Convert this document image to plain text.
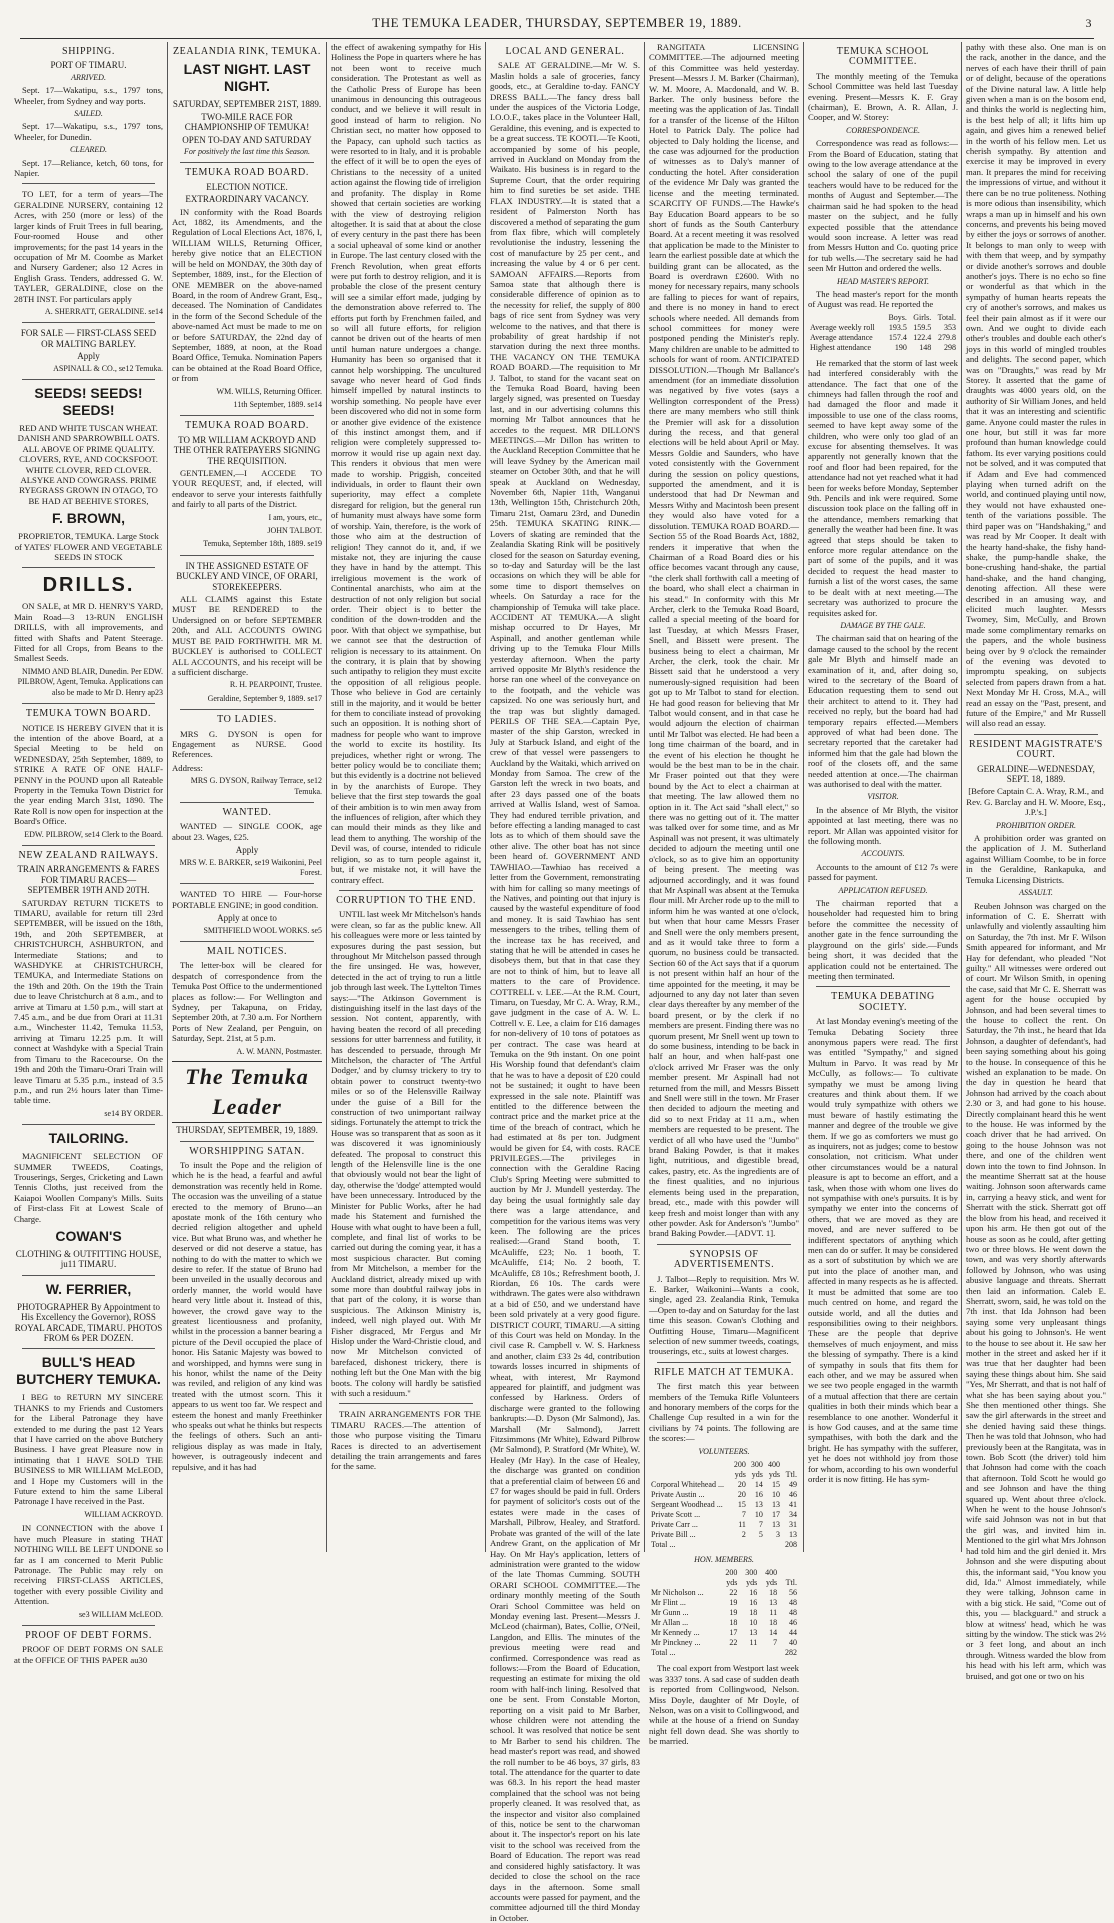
THE TEMUKA LEADER, THURSDAY, SEPTEMBER 19, 1889.	3
SHIPPING.
PORT OF TIMARU.
ARRIVED.

Sept. 17—Wakatipu, s.s., 1797 tons, Wheeler, from Sydney and way ports.

SAILED.

Sept. 17—Wakatipu, s.s., 1797 tons, Wheeler, for Dunedin.

CLEARED.

Sept. 17—Reliance, ketch, 60 tons, for Napier.

TO LET, for a term of years—The GERALDINE NURSERY, containing 12 Acres, with 250 (more or less) of the larger kinds of Fruit Trees in full bearing, Four-roomed House and other improvements; for the past 14 years in the occupation of Mr M. Coombe as Market and Nursery Gardener; also 12 Acres in English Grass. Tenders, addressed G. W. TAYLER, GERALDINE, close on the 28TH INST. For particulars apply

A. SHERRATT, GERALDINE. se14
FOR SALE — FIRST-CLASS SEED OR MALTING BARLEY.
Apply
ASPINALL & CO., se12 Temuka.
SEEDS! SEEDS! SEEDS!

RED AND WHITE TUSCAN WHEAT. DANISH AND SPARROWBILL OATS. ALL ABOVE OF PRIME QUALITY. CLOVERS, RYE, AND COCKSFOOT. WHITE CLOVER, RED CLOVER. ALSYKE AND COWGRASS. PRIME RYEGRASS GROWN IN OTAGO, TO BE HAD AT BEEHIVE STORES,

F. BROWN,

PROPRIETOR, TEMUKA. Large Stock of YATES' FLOWER AND VEGETABLE SEEDS IN STOCK

DRILLS.

ON SALE, at MR D. HENRY'S YARD, Main Road—3 13-RUN ENGLISH DRILLS, with all improvements, and fitted with Shafts and Patent Steerage. Fitted for all Crops, from Beans to the Smallest Seeds.

NIMMO AND BLAIR, Dunedin. Per EDW. PILBROW, Agent, Temuka. Applications can also be made to Mr D. Henry ap23
TEMUKA TOWN BOARD.

NOTICE IS HEREBY GIVEN that it is the intention of the above Board, at a Special Meeting to be held on WEDNESDAY, 25th September, 1889, to STRIKE A RATE OF ONE HALF-PENNY in the POUND upon all Rateable Property in the Temuka Town District for the year ending March 31st, 1890. The Rate Roll is now open for inspection at the Board's Office.

EDW. PILBROW, se14 Clerk to the Board.
NEW ZEALAND RAILWAYS.
TRAIN ARRANGEMENTS & FARES FOR TIMARU RACES— SEPTEMBER 19TH AND 20TH.

SATURDAY RETURN TICKETS to TIMARU, available for return till 23rd SEPTEMBER, will be issued on the 18th, 19th, and 20th SEPTEMBER, at CHRISTCHURCH, ASHBURTON, and Intermediate Stations; and to WASHDYKE at CHRISTCHURCH, TEMUKA, and Intermediate Stations on the 19th and 20th. On the 19th the Train due to leave Christchurch at 8 a.m., and to arrive at Timaru at 1.50 p.m., will start at 7.45 a.m., and be due from Orari at 11.31 a.m., Winchester 11.42, Temuka 11.53, arriving at Timaru 12.25 p.m. It will connect at Washdyke with a Special Train from Timaru to the Racecourse. On the 19th and 20th the Timaru-Orari Train will leave Timaru at 5.35 p.m., instead of 3.5 p.m., and run 2½ hours later than Time-table time.

se14 BY ORDER.
TAILORING.

MAGNIFICENT SELECTION OF SUMMER TWEEDS, Coatings, Trouserings, Serges, Cricketing and Lawn Tennis Cloths, just received from the Kaiapoi Woollen Company's Mills. Suits of First-class Fit at Lowest Scale of Charge.

COWAN'S
CLOTHING & OUTFITTING HOUSE, ju11 TIMARU.
W. FERRIER,
PHOTOGRAPHER By Appointment to His Excellency the Governor), ROSS ROYAL ARCADE, TIMARU. PHOTOS FROM 6s PER DOZEN.
BULL'S HEAD BUTCHERY TEMUKA.

I BEG to RETURN MY SINCERE THANKS to my Friends and Customers for the Liberal Patronage they have extended to me during the past 12 Years that I have carried on the above Butchery Business. I have great Pleasure now in intimating that I HAVE SOLD THE BUSINESS to MR WILLIAM McLEOD, and I Hope my Customers will in the Future extend to him the same Liberal Patronage I have received in the Past.

WILLIAM ACKROYD.

IN CONNECTION with the above I have much Pleasure in stating THAT NOTHING WILL BE LEFT UNDONE so far as I am concerned to Merit Public Patronage. The Public may rely on receiving FIRST-CLASS ARTICLES, together with every possible Civility and Attention.

se3 WILLIAM McLEOD.
PROOF OF DEBT FORMS.

PROOF OF DEBT FORMS ON SALE at the OFFICE OF THIS PAPER au30

ZEALANDIA RINK, TEMUKA.
LAST NIGHT. LAST NIGHT.
SATURDAY, SEPTEMBER 21ST, 1889.
TWO-MILE RACE FOR CHAMPIONSHIP OF TEMUKA!
OPEN TO-DAY AND SATURDAY
For positively the last time this Season.
TEMUKA ROAD BOARD.
ELECTION NOTICE.
EXTRAORDINARY VACANCY.

IN conformity with the Road Boards Act, 1882, its Amendments, and the Regulation of Local Elections Act, 1876, I, WILLIAM WILLS, Returning Officer, hereby give notice that an ELECTION will be held on MONDAY, the 30th day of September, 1889, inst., for the Election of ONE MEMBER on the above-named Board, in the room of Andrew Grant, Esq., deceased. The Nomination of Candidates in the form of the Second Schedule of the above-named Act must be made to me on or before SATURDAY, the 22nd day of September, 1889, at noon, at the Road Board Office, Temuka. Nomination Papers can be obtained at the Road Board Office, or from

WM. WILLS, Returning Officer.
11th September, 1889. se14
TEMUKA ROAD BOARD.
TO MR WILLIAM ACKROYD AND THE OTHER RATEPAYERS SIGNING THE REQUISITION.

GENTLEMEN,—I ACCEDE TO YOUR REQUEST, and, if elected, will endeavor to serve your interests faithfully and fairly to all parts of the District.

I am, yours, etc.,
JOHN TALBOT.
Temuka, September 18th, 1889. se19
IN THE ASSIGNED ESTATE OF BUCKLEY AND VINCE, OF ORARI, STOREKEEPERS.

ALL CLAIMS against this Estate MUST BE RENDERED to the Undersigned on or before SEPTEMBER 20th, and ALL ACCOUNTS OWING MUST BE PAID FORTHWITH. MR M. BUCKLEY is authorised to COLLECT ALL ACCOUNTS, and his receipt will be a sufficient discharge.

R. H. PEARPOINT, Trustee.
Geraldine, September 9, 1889. se17
TO LADIES.

MRS G. DYSON is open for Engagement as NURSE. Good References.

Address:

MRS G. DYSON, Railway Terrace, se12 Temuka.
WANTED.

WANTED — SINGLE COOK, age about 23. Wages, £25.

Apply
MRS W. E. BARKER, se19 Waikonini, Peel Forest.

WANTED TO HIRE — Four-horse PORTABLE ENGINE; in good condition.

Apply at once to
SMITHFIELD WOOL WORKS. se5
MAIL NOTICES.

The letter-box will be cleared for despatch of correspondence from the Temuka Post Office to the undermentioned places as follow:— For Wellington and Sydney, per Takapuna, on Friday, September 20th, at 7.30 a.m. For Northern Ports of New Zealand, per Penguin, on Saturday, Sept. 21st, at 5 p.m.

A. W. MANN, Postmaster.
The Temuka Leader
THURSDAY, SEPTEMBER, 19, 1889.
WORSHIPPING SATAN.

To insult the Pope and the religion of which he is the head, a fearful and awful demonstration was recently held in Rome. The occasion was the unveiling of a statue erected to the memory of Bruno—an apostate monk of the 16th century who decried religion altogether and upheld vice. But what Bruno was, and whether he deserved or did not deserve a statue, has nothing to do with the matter to which we desire to refer. If the statue of Bruno had been unveiled in the usually decorous and orderly manner, the world would have heard very little about it. Instead of this, however, the crowd gave way to the greatest licentiousness and profanity, whilst in the procession a banner bearing a picture of the Devil occupied the place of honor. His Satanic Majesty was bowed to and worshipped, and hymns were sung in his honor, whilst the name of the Deity was reviled, and religion of any kind was treated with the utmost scorn. This it appears to us went too far. We respect and esteem the honest and manly Freethinker who speaks out what he thinks but respects the feelings of others. Such an anti-religious display as was made in Italy, however, is outrageously indecent and repulsive, and it has had

the effect of awakening sympathy for His Holiness the Pope in quarters where he has not been wont to receive much consideration. The Protestant as well as the Catholic Press of Europe has been unanimous in denouncing this outrageous conduct, and we believe it will result in good instead of harm to religion. No Christian sect, no matter how opposed to the Papacy, can uphold such tactics as were resorted to in Italy, and it is probable the effect of it will be to open the eyes of Christians to the necessity of a united action against the flowing tide of irreligion and profanity. The display in Rome showed that certain societies are working with the view of destroying religion altogether. It is said that at about the close of every century in the past there has been a social upheaval of some kind or another in Europe. The last century closed with the French Revolution, when great efforts were put forth to destroy religion, and it is probable the close of the present century will see a similar effort made, judging by the demonstration above referred to. The efforts put forth by Frenchmen failed, and so will all future efforts, for religion cannot be driven out of the hearts of men until human nature undergoes a change. Humanity has been so organised that it cannot help worshipping. The uncultured savage who never heard of God finds himself impelled by natural instincts to worship something. No people have ever been discovered who did not in some form or another give evidence of the existence of this instinct amongst them, and if religion were completely suppressed to-morrow it would rise up again next day. This renders it obvious that men were made to worship. Priggish, conceited individuals, in order to flaunt their own superiority, may effect a complete disregard for religion, but the general run of humanity must always have some form of worship. Yain, therefore, is the work of those who aim at the destruction of religion! They cannot do it, and, if we mistake not, they are injuring the cause they have in hand by the attempt. This irreligious movement is the work of Continental anarchists, who aim at the destruction of not only religion but social order. Their object is to better the condition of the down-trodden and the poor. With that object we sympathise, but we cannot see that the destruction of religion is necessary to its attainment. On the contrary, it is plain that by showing such antipathy to religion they must excite the opposition of all religious people. Those who believe in God are certainly still in the majority, and it would be better for them to conciliate instead of provoking such an opposition. It is nothing short of madness for people who want to improve the world to excite its hostility. Its prejudices, whether right or wrong. The better policy would be to conciliate them; but this evidently is a doctrine not believed in by the anarchists of Europe. They believe that the first step towards the goal of their ambition is to win men away from the influences of religion, after which they can mould their minds as they like and lead them to anything. The worship of the Devil was, of course, intended to ridicule religion, so as to turn people against it, but, if we mistake not, it will have the contrary effect.

CORRUPTION TO THE END.

UNTIL last week Mr Mitchelson's hands were clean, so far as the public knew. All his colleagues were more or less tainted by exposures during the past session, but throughout Mr Mitchelson passed through the fire unsinged. He was, however, detected in the act of trying to run a little job through last week. The Lyttelton Times says:—"The Atkinson Government is distinguishing itself in the last days of the session. Not content, apparently, with having beaten the record of all preceding sessions for utter barrenness and futility, it has descended to persuade, through Mr Mitchelson, the character of 'The Artful Dodger,' and by clumsy trickery to try to obtain power to construct twenty-two miles or so of the Helensville Railway under the guise of a Bill for the construction of two unimportant railway sidings. Fortunately the attempt to trick the House was so transparent that as soon as it was discovered it was ignominiously defeated. The proposal to construct this length of the Helensville line is the one that obviously would not bear the light of day, otherwise the 'dodge' attempted would have been unnecessary. Introduced by the Minister for Public Works, after he had made his Statement and furnished the House with what ought to have been a full, complete, and final list of works to be carried out during the coming year, it has a most suspicious character. But coming from Mr Mitchelson, a member for the Auckland district, already mixed up with some more than doubtful railway jobs in that part of the colony, it is worse than suspicious. The Atkinson Ministry is, indeed, well nigh played out. With Mr Fisher disgraced, Mr Fergus and Mr Hislop under the Ward-Christie cloud, and now Mr Mitchelson convicted of barefaced, dishonest trickery, there is nothing left but the One Man with the big boots. The colony will hardly be satisfied with such a residuum."

TRAIN ARRANGEMENTS FOR THE TIMARU RACES.—The attention of those who purpose visiting the Timaru Races is directed to an advertisement detailing the train arrangements and fares for the same.

LOCAL AND GENERAL.

SALE AT GERALDINE.—Mr W. S. Maslin holds a sale of groceries, fancy goods, etc., at Geraldine to-day. FANCY DRESS BALL.—The fancy dress ball under the auspices of the Victoria Lodge, I.O.O.F., takes place in the Volunteer Hall, Geraldine, this evening, and is expected to be a great success. TE KOOTI.—Te Kooti, accompanied by some of his people, arrived in Auckland on Monday from the Waikato. His business is in regard to the Supreme Court, that the order requiring him to find sureties be set aside. THE FLAX INDUSTRY.—It is stated that a resident of Palmerston North has discovered a method of separating the gum from flax fibre, which will completely revolutionise the industry, lessening the cost of manufacture by 25 per cent., and increasing the value by 4 or 6 per cent. SAMOAN AFFAIRS.—Reports from Samoa state that although there is considerable difference of opinion as to the necessity for relief, the supply of 800 bags of rice sent from Sydney was very welcome to the natives, and that there is probability of great hardship if not starvation during the next three months. THE VACANCY ON THE TEMUKA ROAD BOARD.—The requisition to Mr J. Talbot, to stand for the vacant seat on the Temuka Road Board, having been largely signed, was presented on Tuesday last, and in our advertising columns this morning Mr Talbot announces that he accedes to the request. MR DILLON'S MEETINGS.—Mr Dillon has written to the Auckland Reception Committee that he will leave Sydney by the American mail steamer on October 30th, and that he will speak at Auckland on Wednesday, November 6th, Napier 11th, Wanganui 13th, Wellington 15th, Christchurch 20th, Timaru 21st, Oamaru 23rd, and Dunedin 25th. TEMUKA SKATING RINK.—Lovers of skating are reminded that the Zealandia Skating Rink will be positively closed for the season on Saturday evening, so to-day and Saturday will be the last occasions on which they will be able for some time to disport themselves on wheels. On Saturday a race for the championship of Temuka will take place. ACCIDENT AT TEMUKA.—A slight mishap occurred to Dr Hayes, Mr Aspinall, and another gentleman while driving up to the Temuka Flour Mills yesterday afternoon. When the party arrived opposite Mr Blyth's residence the horse ran one wheel of the conveyance on to the footpath, and the vehicle was capsized. No one was seriously hurt, and the trap was but slightly damaged. PERILS OF THE SEA.—Captain Pye, master of the ship Garston, wrecked in July at Starbuck Island, and eight of the crew of that vessel were passengers to Auckland by the Waitaki, which arrived on Monday from Samoa. The crew of the Garston left the wreck in two boats, and after 23 days passed one of the boats arrived at Wallis Island, west of Samoa. They had endured terrible privation, and before effecting a landing managed to cast lots as to which of them should save the other alive. The other boat has not since been heard of. GOVERNMENT AND TAWHIAO.—Tawhiao has received a letter from the Government, remonstrating with him for calling so many meetings of the Natives, and pointing out that injury is caused by the wasteful expenditure of food and money. It is said Tawhiao has sent messengers to the tribes, telling them of the increase tax he has received, and stating that he will be attended in cases he disobeys them, but that in that case they are not to think of him, but to leave all matters to the care of Providence. COTTRELL v. LEE.—At the R.M. Court, Timaru, on Tuesday, Mr C. A. Wray, R.M., gave judgment in the case of A. W. L. Cottrell v. E. Lee, a claim for £16 damages for non-delivery of 10 tons of potatoes as per contract. The case was heard at Temuka on the 9th instant. On one point His Worship found that defendant's claim that he was to have a deposit of £20 could not be sustained; it ought to have been expressed in the sale note. Plaintiff was entitled to the difference between the contract price and the market price at the time of the breach of contract, which he had estimated at 8s per ton. Judgment would be given for £4, with costs. RACE PRIVILEGES.—The privileges in connection with the Geraldine Racing Club's Spring Meeting were submitted to auction by Mr J. Mundell yesterday. The day being the usual fortnightly sale day there was a large attendance, and competition for the various items was very keen. The following are the prices realised:—Grand Stand booth, T. McAuliffe, £23; No. 1 booth, T. McAuliffe, £14; No. 2 booth, T. McAuliffe, £8 10s.; Refreshment booth, J. Riordan, £6 10s. The cards were withdrawn. The gates were also withdrawn at a bid of £50, and we understand have been sold privately at a very good figure. DISTRICT COURT, TIMARU.—A sitting of this Court was held on Monday. In the civil case R. Campbell v. W. S. Harkness and another, claim £33 2s 4d, contribution towards losses incurred in shipments of wheat, with interest, Mr Raymond appeared for plaintiff, and judgment was confessed by Harkness. Orders of discharge were granted to the following bankrupts:—D. Dyson (Mr Salmond), Jas. Marshall (Mr Salmond), Jarrett Fitzsimmons (Mr White), Edward Pilbrow (Mr Salmond), P. Stratford (Mr White), W. Healey (Mr Hay). In the case of Healey, the discharge was granted on condition that a preferential claim of between £6 and £7 for wages should be paid in full. Orders for payment of solicitor's costs out of the estates were made in the cases of Marshall, Pilbrow, Healey, and Stratford. Probate was granted of the will of the late Andrew Grant, on the application of Mr Hay. On Mr Hay's application, letters of administration were granted to the widow of the late Thomas Cumming. SOUTH ORARI SCHOOL COMMITTEE.—The ordinary monthly meeting of the South Orari School Committee was held on Monday evening last. Present—Messrs J. McLeod (chairman), Bates, Collie, O'Neil, Langdon, and Ellis. The minutes of the previous meeting were read and confirmed. Correspondence was read as follows:—From the Board of Education, requesting an estimate for mixing the old room with half-inch lining. Resolved that one be sent. From Constable Morton, reporting on a visit paid to Mr Barber, whose children were not attending the school. It was resolved that notice be sent to Mr Barber to send his children. The head master's report was read, and showed the roll number to be 46 boys, 37 girls, 83 total. The attendance for the quarter to date was 68.3. In his report the head master complained that the school was not being properly cleaned. It was resolved that, as the inspector and visitor also complained of this, notice be sent to the charwoman about it. The inspector's report on his late visit to the school was received from the Board of Education. The report was read and considered highly satisfactory. It was decided to close the school on the race days in the afternoon. Some small accounts were passed for payment, and the committee adjourned till the third Monday in October.

RANGITATA LICENSING COMMITTEE.—The adjourned meeting of this Committee was held yesterday. Present—Messrs J. M. Barker (Chairman), W. M. Moore, A. Macdonald, and W. B. Barker. The only business before the meeting was the application of Jas. Tindall for a transfer of the license of the Hilton Hotel to Patrick Daly. The police had objected to Daly holding the license, and the case was adjourned for the production of witnesses as to Daly's manner of conducting the hotel. After consideration of the evidence Mr Daly was granted the license and the meeting terminated. SCARCITY OF FUNDS.—The Hawke's Bay Education Board appears to be so short of funds as the South Canterbury Board. At a recent meeting it was resolved that application be made to the Minister to learn the earliest possible date at which the building grant can be allocated, as the Board is overdrawn £2600. With no money for necessary repairs, many schools are falling to pieces for want of repairs, and there is no money in hand to erect schools where needed. All demands from school committees for money were postponed pending the Minister's reply. Many children are unable to be admitted to schools for want of room. ANTICIPATED DISSOLUTION.—Though Mr Ballance's amendment (for an immediate dissolution was negatived by five votes (says a Wellington correspondent of the Press) there are many members who still think the Premier will ask for a dissolution during the recess, and that general elections will be held about April or May. Messrs Goldie and Saunders, who have voted consistently with the Government during the session on policy questions, supported the amendment, and it is understood that had Dr Newman and Messrs Withy and Macintosh been present they would also have voted for a dissolution. TEMUKA ROAD BOARD.—Section 55 of the Road Boards Act, 1882, renders it imperative that when the Chairman of a Road Board dies or his office becomes vacant through any cause, "the clerk shall forthwith call a meeting of the board, who shall elect a chairman in his stead." In conformity with this Mr Archer, clerk to the Temuka Road Board, called a special meeting of the board for last Tuesday, at which Messrs Fraser, Snell, and Bissett were present. The business being to elect a chairman, Mr Archer, the clerk, took the chair. Mr Bissett said that he understood a very numerously-signed requisition had been got up to Mr Talbot to stand for election. He had good reason for believing that Mr Talbot would consent, and in that case he would adjourn the election of chairman until Mr Talbot was elected. He had been a long time chairman of the board, and in the event of his election he thought he would be the best man to be in the chair. Mr Fraser pointed out that they were bound by the Act to elect a chairman at that meeting. The law allowed them no option in it. The Act said "shall elect," so there was no getting out of it. The matter was talked over for some time, and as Mr Aspinall was not present, it was ultimately decided to adjourn the meeting until one o'clock, so as to give him an opportunity of being present. The meeting was adjourned accordingly, and it was found that Mr Aspinall was absent at the Temuka flour mill. Mr Archer rode up to the mill to inform him he was wanted at one o'clock, but when that hour came Messrs Fraser and Snell were the only members present, and as it would take three to form a quorum, no business could be transacted. Section 60 of the Act says that if a quorum is not present within half an hour of the time appointed for the meeting, it may be adjourned to any day not later than seven clear days thereafter by any member of the board present, or by the clerk if no members are present. Finding there was no quorum present, Mr Snell went up town to do some business, intending to be back in half an hour, and when half-past one o'clock arrived Mr Fraser was the only member present. Mr Aspinall had not returned from the mill, and Messrs Bissett and Snell were still in the town. Mr Fraser then decided to adjourn the meeting and did so to next Friday at 11 a.m., when members are requested to be present. The verdict of all who have used the "Jumbo" brand Baking Powder, is that it makes light, nutritious, and digestible bread, cakes, pastry, etc. As the ingredients are of the finest qualities, and no injurious elements being used in the preparation, bread, etc., made with this powder will keep fresh and moist longer than with any other powder. Ask for Anderson's "Jumbo" brand Baking Powder.—[ADVT. 1].

SYNOPSIS OF ADVERTISEMENTS.

J. Talbot—Reply to requisition. Mrs W. E. Barker, Waikonini—Wants a cook, single, aged 23. Zealandia Rink, Temuka—Open to-day and on Saturday for the last time this season. Cowan's Clothing and Outfitting House, Timaru—Magnificent selection of new summer tweeds, coatings, trouserings, etc., suits at lowest charges.

RIFLE MATCH AT TEMUKA.

The first match this year between members of the Temuka Rifle Volunteers and honorary members of the corps for the Challenge Cup resulted in a win for the civilians by 74 points. The following are the scores:—

VOLUNTEERS.
	200	300	400	
	yds	yds	yds	Ttl.
Corporal Whitehead ...	20	14	15	49
Private Austin ...	20	16	10	46
Sergeant Woodhead ...	15	13	13	41
Private Scott ...	7	10	17	34
Private Carr ...	11	7	13	31
Private Bill ...	2	5	3	13
Total ...				208
HON. MEMBERS.
	200	300	400	
	yds	yds	yds	Ttl.
Mr Nicholson ...	22	16	18	56
Mr Flint ...	19	16	13	48
Mr Gunn ...	19	18	11	48
Mr Allan ...	18	10	18	46
Mr Kennedy ...	17	13	14	44
Mr Pinckney ...	22	11	7	40
Total ...				282

The coal export from Westport last week was 3337 tons. A sad case of sudden death is reported from Collingwood, Nelson. Miss Doyle, daughter of Mr Doyle, of Nelson, was on a visit to Collingwood, and while at the house of a friend on Sunday night fell down dead. She was shortly to be married.

TEMUKA SCHOOL COMMITTEE.

The monthly meeting of the Temuka School Committee was held last Tuesday evening. Present—Messrs K. F. Gray (chairman), E. Brown, A. R. Allan, J. Cooper, and W. Storey:

CORRESPONDENCE.

Correspondence was read as follows:— From the Board of Education, stating that owing to the low average attendance at the school the salary of one of the pupil teachers would have to be reduced for the months of August and September.—The chairman said he had spoken to the head master on the subject, and he fully expected possible that the attendance would soon increase. A letter was read from Messrs Hutton and Co. quoting price for tub wells.—The secretary said he had seen Mr Hutton and ordered the wells.

HEAD MASTER'S REPORT.

The head master's report for the month of August was read. He reported the

	Boys.	Girls.	Total.
Average weekly roll	193.5	159.5	353
Average attendance	157.4	122.4	279.8
Highest attendance	190	148	298

He remarked that the storm of last week had interfered considerably with the attendance. The fact that one of the chimneys had fallen through the roof and had damaged the floor and made it impossible to use one of the class rooms, seemed to have kept away some of the children, who were only too glad of an excuse for absenting themselves. It was apparently not generally known that the roof and floor had been repaired, for the attendance had not yet reached what it had been for weeks before Monday, September 9th. Pencils and ink were required. Some discussion took place on the falling off in the attendance, members remarking that generally the weather had been fine. It was agreed that steps should be taken to enforce more regular attendance on the part of some of the pupils, and it was decided to request the head master to furnish a list of the worst cases, the same to be dealt with at next meeting.—The secretary was authorized to procure the requisites asked for.

DAMAGE BY THE GALE.

The chairman said that on hearing of the damage caused to the school by the recent gale Mr Blyth and himself made an examination of it, and, after doing so, wired to the secretary of the Board of Education requesting them to send out their architect to attend to it. They had received no reply, but the board had had temporary repairs effected.—Members approved of what had been done. The secretary reported that the caretaker had informed him that the gale had blown the roof of the closets off, and the same needed attention at once.—The chairman was authorised to deal with the matter.

VISITOR.

In the absence of Mr Blyth, the visitor appointed at last meeting, there was no report. Mr Allan was appointed visitor for the following month.

ACCOUNTS.

Accounts to the amount of £12 7s were passed for payment.

APPLICATION REFUSED.

The chairman reported that a householder had requested him to bring before the committee the necessity of another gate in the fence surrounding the playground on the girls' side.—Funds being short, it was decided that the application could not be entertained. The meeting then terminated.

TEMUKA DEBATING SOCIETY.

At last Monday evening's meeting of the Temuka Debating Society three anonymous papers were read. The first was entitled "Sympathy," and signed Multum in Parvo. It was read by Mr McCully, as follows:— To cultivate sympathy we must be among living creatures and think about them. If we would truly sympathize with others we must beware of hastily estimating the manner and degree of the trouble we give them. If we go as comforters we must go as inquirers, not as judges; come to bestow consolation, not criticism. What under other circumstances would be a natural pleasure is apt to become an effort, and a task, when those with whom one lives do not sympathise with one's pursuits. It is by sympathy we enter into the concerns of others, that we are moved as they are moved, and are never suffered to be indifferent spectators of anything which men can do or suffer. It may be considered as a sort of substitution by which we are put into the place of another man, and affected in many respects as he is affected. It must be admitted that some are too much centred on home, and regard the outside world, and all the duties and responsibilities owing to their neighbors. These are the people that deprive themselves of much enjoyment, and miss the blessing of sympathy. There is a kind of sympathy in souls that fits them for each other, and we may be assured when we see two people engaged in the warmth of a mutual affection that there are certain qualities in both their minds which bear a resemblance to one another. Wonderful it is how God causes, and at the same time sympathises, with both the dark and the bright. He has sympathy with the sufferer, yet he does not withhold joy from those for whom, according to his own wonderful order it is now fitting. He has sym-

pathy with these also. One man is on the rack, another in the dance, and the nerves of each have their thrill of pain or of delight, because of the operations of the Divine natural law. A little help given when a man is on the bosom end, and thinks the world is neglecting him, is the best help of all; it lifts him up again, and gives him a renewed belief in the worth of his fellow men. Let us cherish sympathy. By attention and exercise it may be improved in every man. It prepares the mind for receiving the impressions of virtue, and without it there can be no true politeness. Nothing is more odious than insensibility, which wraps a man up in himself and his own concerns, and prevents his being moved by either the joys or sorrows of another. It belongs to man only to weep with with them that weep, and by sympathy or divide another's sorrows and double another's joys. There is no echo so fine or wonderful as that which in the sympathy of human hearts repeats the cry of another's sorrows, and makes us feel their pain almost as if it were our own. And we ought to divide each other's troubles and double each other's joys in this world of mingled troubles and delights. The second paper, which was on "Draughts," was read by Mr Storey. It asserted that the game of draughts was 4000 years old, on the authority of Sir William Jones, and held that it was an interesting and scientific game. Anyone could master the rules in one hour, but still it was far more profound than human knowledge could fathom. Its ever varying positions could not be solved, and it was computed that if Adam and Eve had commenced playing when turned adrift on the world, and continued playing until now, they would not have exhausted one-tenth of the variations possible. The third paper was on "Handshaking," and was read by Mr Cooper. It dealt with the hearty hand-shake, the fishy hand-shake, the pump-handle shake, the bone-crushing hand-shake, the partial hand-shake, and the hand changing, denoting affection. All these were described in an amusing way, and elicited much laughter. Messrs Twomey, Sim, McCully, and Brown made some complimentary remarks on the papers, and the whole business being over by 9 o'clock the remainder of the evening was devoted to impromptu speaking, on subjects selected from papers drawn from a hat. Next Monday Mr H. Cross, M.A., will read an essay on the "Past, present, and future of the Empire," and Mr Russell will also read an essay.

RESIDENT MAGISTRATE'S COURT.
GERALDINE—WEDNESDAY, SEPT. 18, 1889.

[Before Captain C. A. Wray, R.M., and Rev. G. Barclay and H. W. Moore, Esq., J.P.'s.]

PROHIBITION ORDER.

A prohibition order was granted on the application of J. M. Sutherland against William Coombe, to be in force in the Geraldine, Rankapuka, and Temuka Licensing Districts.

ASSAULT.

Reuben Johnson was charged on the information of C. E. Sherratt with unlawfully and violently assaulting him on Saturday, the 7th inst. Mr F. Wilson Smith appeared for informant, and Mr Hay for defendant, who pleaded "Not guilty." All witnesses were ordered out of court. Mr Wilson Smith, in opening the case, said that Mr C. E. Sherratt was agent for the house occupied by Johnson, and had been several times to the house to collect the rent. On Saturday, the 7th inst., he heard that Ida Johnson, a daughter of defendant's, had been saying something about his going to the house. In consequence of this he wished an explanation to be made. On the day in question he heard that Johnson had arrived by the coach about 2.30 or 3, and had gone to his house. Directly complainant heard this he went to the house. He was informed by the coach driver that he had arrived. On going to the house Johnson was not there, and one of the children went down into the town to find Johnson. In the meantime Sherratt sat at the house waiting. Johnson soon afterwards came in, carrying a heavy stick, and went for Sherratt with the stick. Sherratt got off the blow from his head, and received it upon his arm. He then got out of the house as soon as he could, after getting two or three blows. He went down the town, and was very shortly afterwards followed by Johnson, who was using abusive language and threats. Sherratt then laid an information. Caleb E. Sherratt, sworn, said, he was told on the 7th inst. that Ida Johnson had been saying some very unpleasant things about his going to Johnson's. He went to the house to see about it. He saw her mother in the street and asked her if it was true that her daughter had been saying these things about him. She said "Yes, Mr Sherratt, and that is not half of what she has been saying about you." She then mentioned other things. She saw the girl afterwards in the street and she denied having said these things. Then he was told that Johnson, who had previously been at the Rangitata, was in town. Bob Scott (the driver) told him that Johnson had come with the coach that afternoon. Told Scott he would go and see Johnson and have the thing squared up. Went about three o'clock. When he went to the house Johnson's wife said Johnson was not in but that the girl was, and invited him in. Mentioned to the girl what Mrs Johnson had told him and the girl denied it. Mrs Johnson and she were disputing about this, the informant said, "You know you did, Ida." Almost immediately, while they were talking, Johnson came in with a big stick. He said, "Come out of this, you — blackguard." and struck a blow at witness' head, which he was sitting by the window. The stick was 2½ or 3 feet long, and about an inch through. Witness warded the blow from his head with his left arm, which was bruised, and got one or two on his
